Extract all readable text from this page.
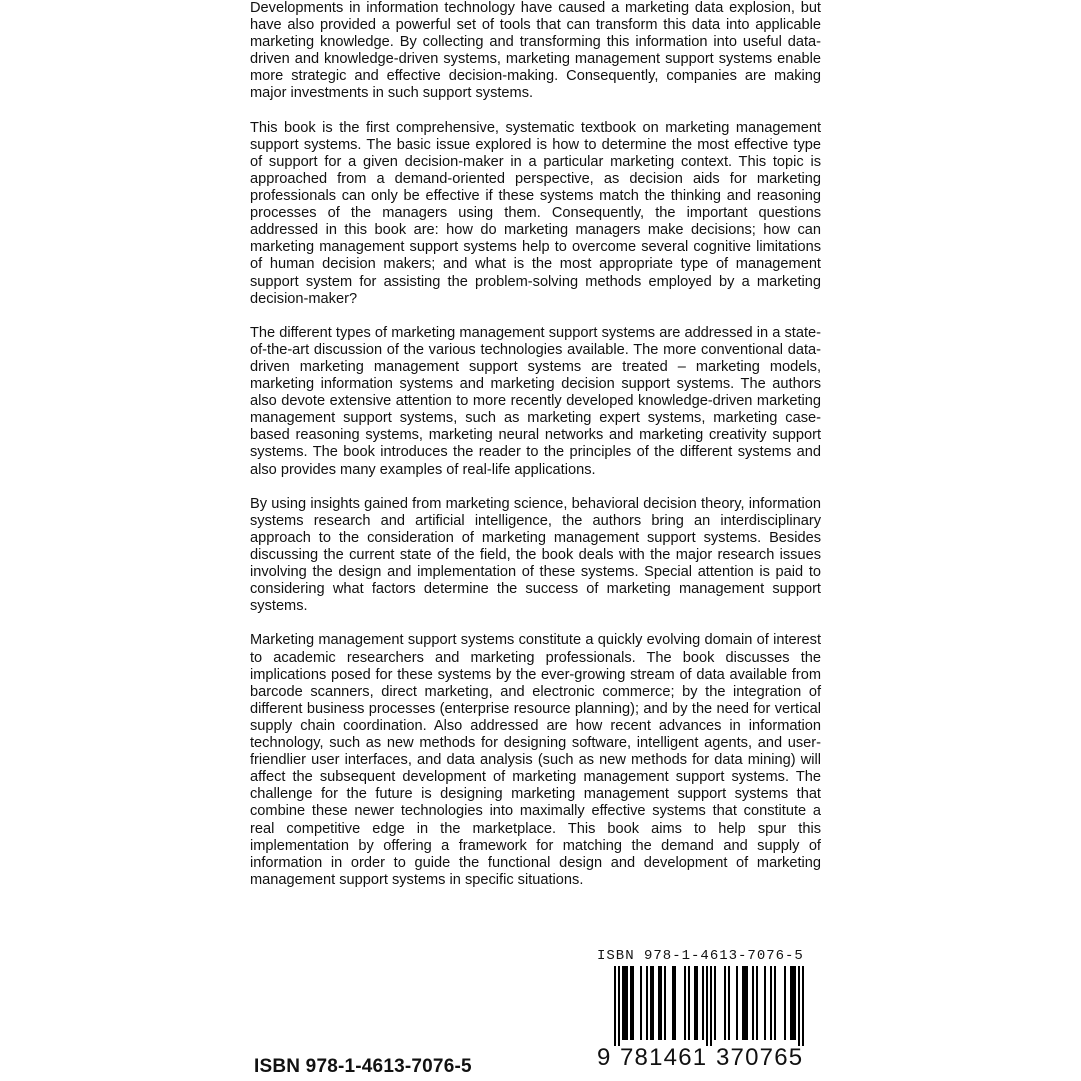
Developments in information technology have caused a marketing data explosion, but have also provided a powerful set of tools that can transform this data into applicable marketing knowledge. By collecting and transforming this information into useful data-driven and knowledge-driven systems, marketing management support systems enable more strategic and effective decision-making. Consequently, companies are making major investments in such support systems.

This book is the first comprehensive, systematic textbook on marketing management support systems. The basic issue explored is how to determine the most effective type of support for a given decision-maker in a particular marketing context. This topic is approached from a demand-oriented perspective, as decision aids for marketing professionals can only be effective if these systems match the thinking and reasoning processes of the managers using them. Consequently, the important questions addressed in this book are: how do marketing managers make decisions; how can marketing management support systems help to overcome several cognitive limitations of human decision makers; and what is the most appropriate type of management support system for assisting the problem-solving methods employed by a marketing decision-maker?

The different types of marketing management support systems are addressed in a state-of-the-art discussion of the various technologies available. The more conventional data-driven marketing management support systems are treated – marketing models, marketing information systems and marketing decision support systems. The authors also devote extensive attention to more recently developed knowledge-driven marketing management support systems, such as marketing expert systems, marketing case-based reasoning systems, marketing neural networks and marketing creativity support systems. The book introduces the reader to the principles of the different systems and also provides many examples of real-life applications.

By using insights gained from marketing science, behavioral decision theory, information systems research and artificial intelligence, the authors bring an interdisciplinary approach to the consideration of marketing management support systems. Besides discussing the current state of the field, the book deals with the major research issues involving the design and implementation of these systems. Special attention is paid to considering what factors determine the success of marketing management support systems.

Marketing management support systems constitute a quickly evolving domain of interest to academic researchers and marketing professionals. The book discusses the implications posed for these systems by the ever-growing stream of data available from barcode scanners, direct marketing, and electronic commerce; by the integration of different business processes (enterprise resource planning); and by the need for vertical supply chain coordination. Also addressed are how recent advances in information technology, such as new methods for designing software, intelligent agents, and user-friendlier user interfaces, and data analysis (such as new methods for data mining) will affect the subsequent development of marketing management support systems. The challenge for the future is designing marketing management support systems that combine these newer technologies into maximally effective systems that constitute a real competitive edge in the marketplace. This book aims to help spur this implementation by offering a framework for matching the demand and supply of information in order to guide the functional design and development of marketing management support systems in specific situations.

ISBN 978-1-4613-7076-5
9 781461 370765
ISBN 978-1-4613-7076-5
